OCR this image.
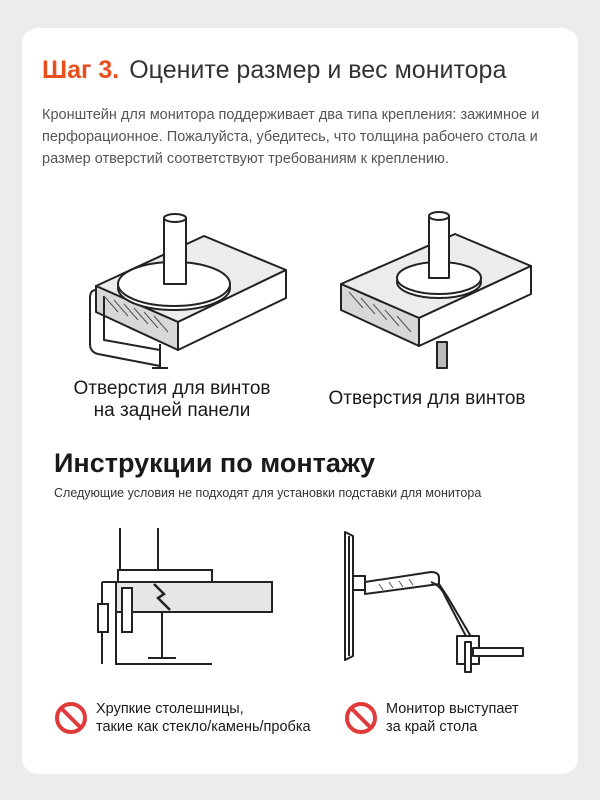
Шаг 3. Оцените размер и вес монитора
Кронштейн для монитора поддерживает два типа крепления: зажимное и перфорационное. Пожалуйста, убедитесь, что толщина рабочего стола и размер отверстий соответствуют требованиям к креплению.
Отверстия для винтов
на задней панели
Отверстия для винтов
Инструкции по монтажу
Следующие условия не подходят для установки подставки для монитора
Хрупкие столешницы,
такие как стекло/камень/пробка
Монитор выступает
за край стола
